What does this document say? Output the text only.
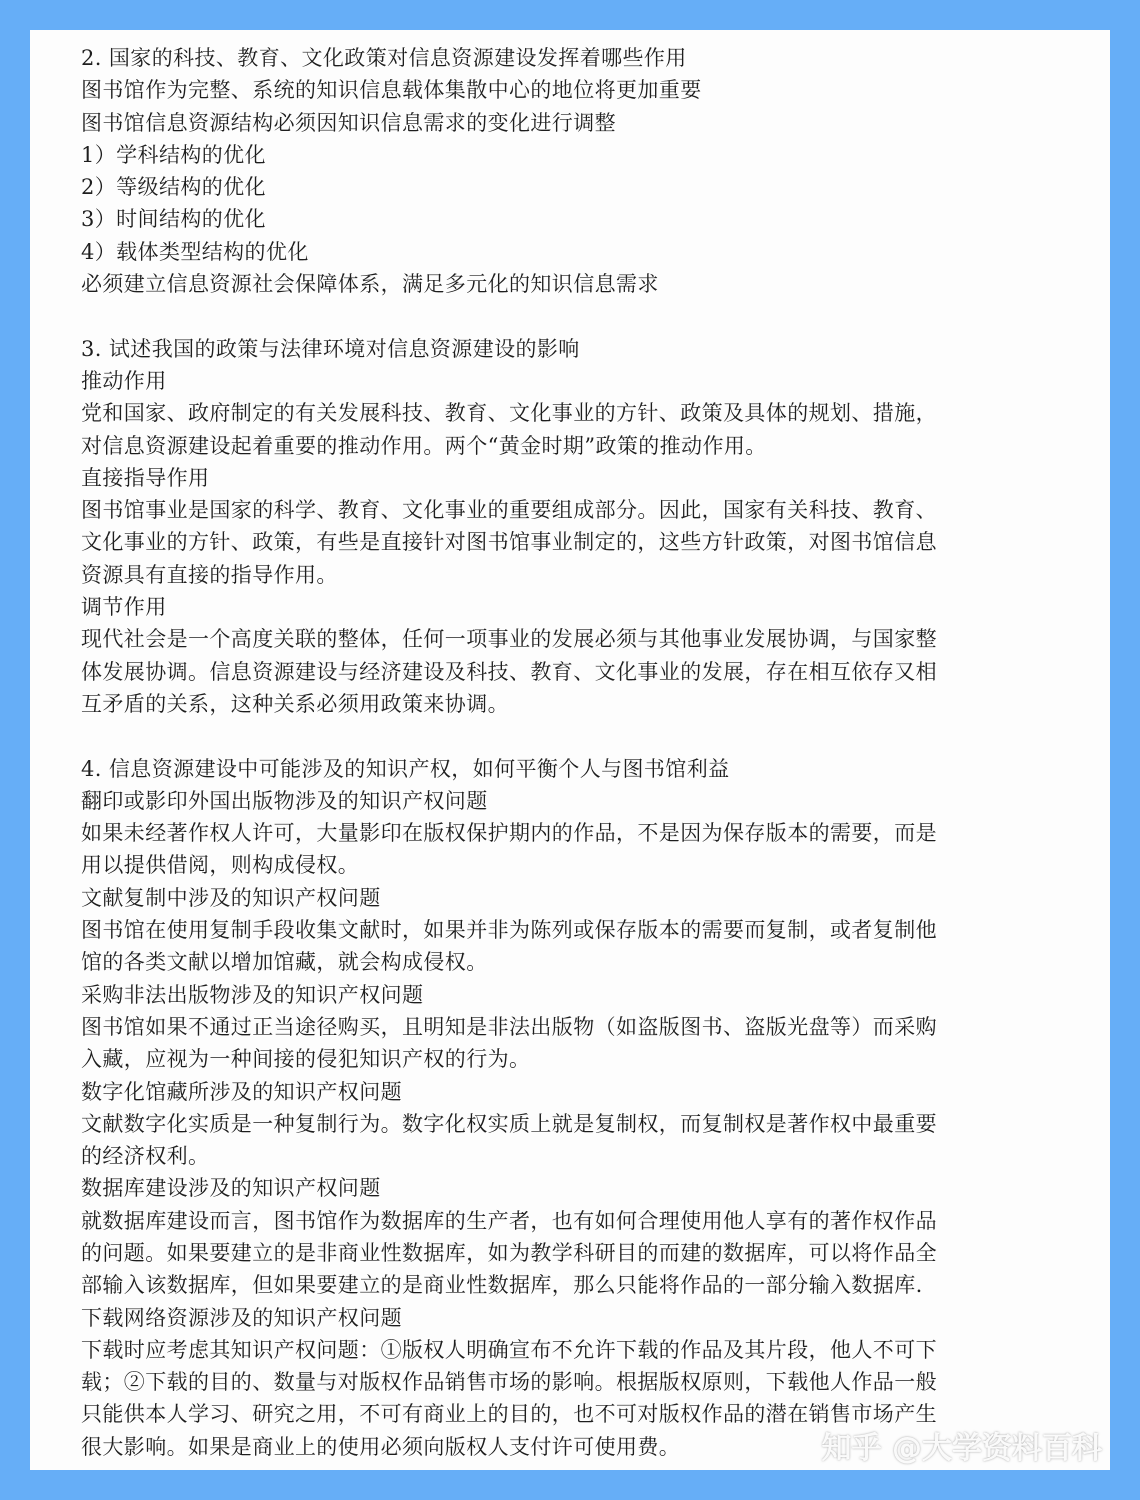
2. 国家的科技、教育、文化政策对信息资源建设发挥着哪些作用
图书馆作为完整、系统的知识信息载体集散中心的地位将更加重要
图书馆信息资源结构必须因知识信息需求的变化进行调整
1）学科结构的优化
2）等级结构的优化
3）时间结构的优化
4）载体类型结构的优化
必须建立信息资源社会保障体系，满足多元化的知识信息需求
3. 试述我国的政策与法律环境对信息资源建设的影响
推动作用
党和国家、政府制定的有关发展科技、教育、文化事业的方针、政策及具体的规划、措施，
对信息资源建设起着重要的推动作用。两个“黄金时期”政策的推动作用。
直接指导作用
图书馆事业是国家的科学、教育、文化事业的重要组成部分。因此，国家有关科技、教育、
文化事业的方针、政策，有些是直接针对图书馆事业制定的，这些方针政策，对图书馆信息
资源具有直接的指导作用。
调节作用
现代社会是一个高度关联的整体，任何一项事业的发展必须与其他事业发展协调，与国家整
体发展协调。信息资源建设与经济建设及科技、教育、文化事业的发展，存在相互依存又相
互矛盾的关系，这种关系必须用政策来协调。
4. 信息资源建设中可能涉及的知识产权，如何平衡个人与图书馆利益
翻印或影印外国出版物涉及的知识产权问题
如果未经著作权人许可，大量影印在版权保护期内的作品，不是因为保存版本的需要，而是
用以提供借阅，则构成侵权。
文献复制中涉及的知识产权问题
图书馆在使用复制手段收集文献时，如果并非为陈列或保存版本的需要而复制，或者复制他
馆的各类文献以增加馆藏，就会构成侵权。
采购非法出版物涉及的知识产权问题
图书馆如果不通过正当途径购买，且明知是非法出版物（如盗版图书、盗版光盘等）而采购
入藏，应视为一种间接的侵犯知识产权的行为。
数字化馆藏所涉及的知识产权问题
文献数字化实质是一种复制行为。数字化权实质上就是复制权，而复制权是著作权中最重要
的经济权利。
数据库建设涉及的知识产权问题
就数据库建设而言，图书馆作为数据库的生产者，也有如何合理使用他人享有的著作权作品
的问题。如果要建立的是非商业性数据库，如为教学科研目的而建的数据库，可以将作品全
部输入该数据库，但如果要建立的是商业性数据库，那么只能将作品的一部分输入数据库.
下载网络资源涉及的知识产权问题
下载时应考虑其知识产权问题：①版权人明确宣布不允许下载的作品及其片段，他人不可下
载；②下载的目的、数量与对版权作品销售市场的影响。根据版权原则，下载他人作品一般
只能供本人学习、研究之用，不可有商业上的目的，也不可对版权作品的潜在销售市场产生
很大影响。如果是商业上的使用必须向版权人支付许可使用费。	知乎 @大学资料百科
